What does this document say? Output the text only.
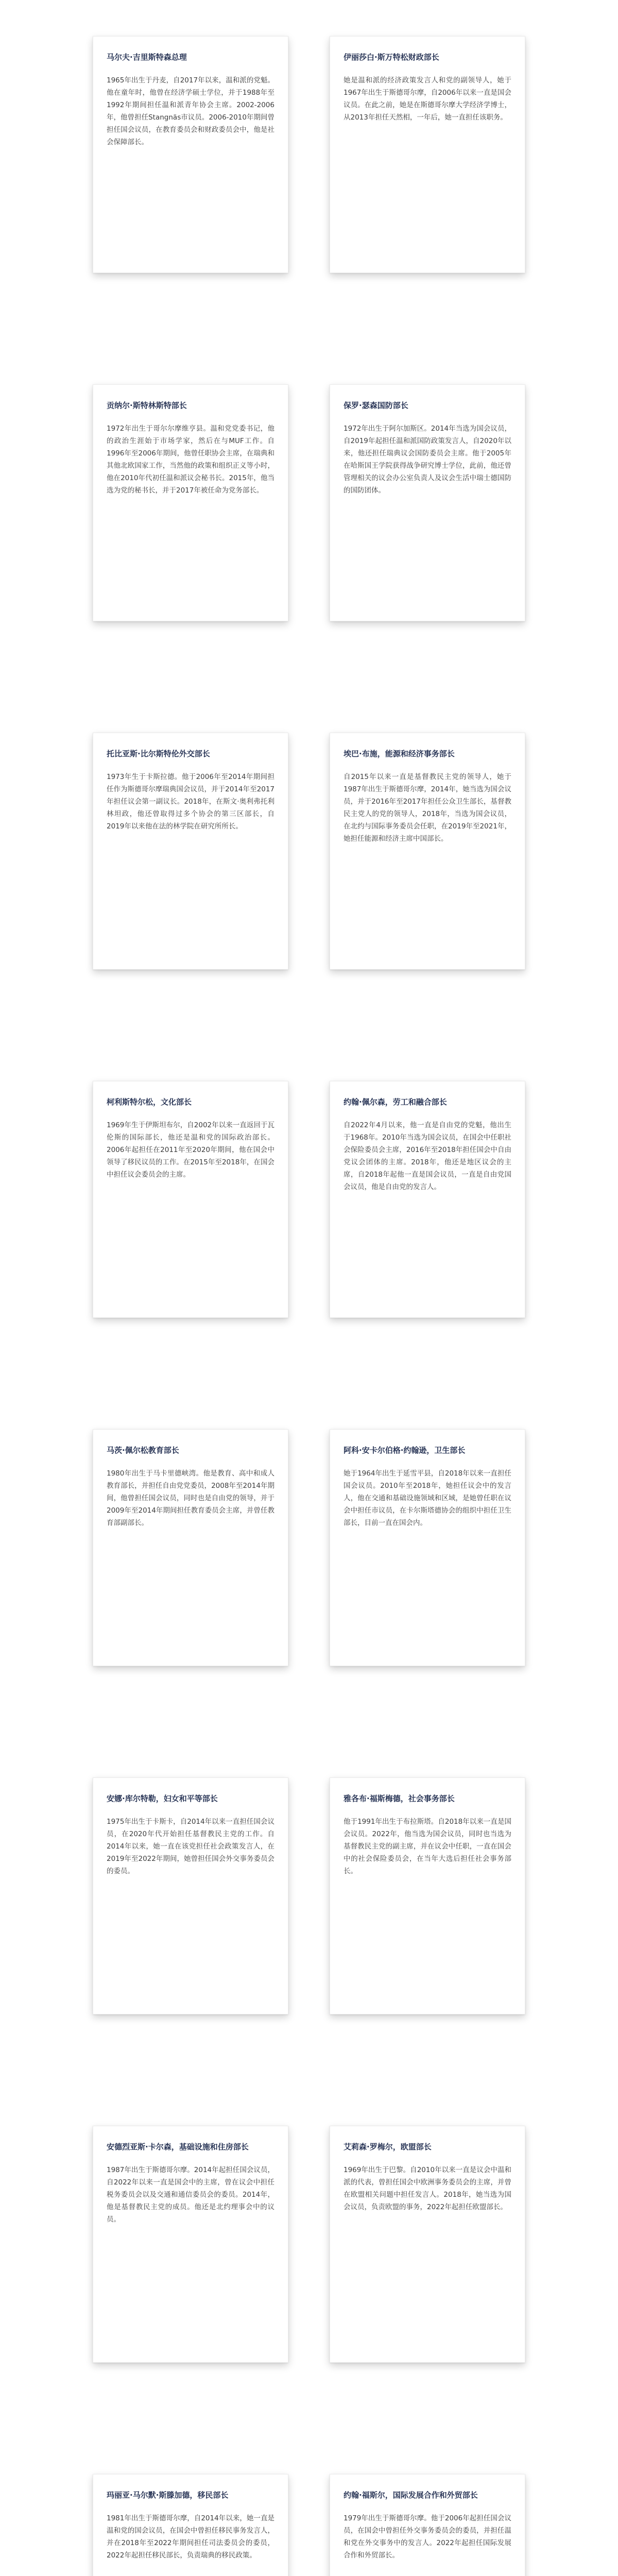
马尔夫·吉里斯特森总理

1965年出生于丹麦，自2017年以来，温和派的党魁。他在童年时，他曾在经济学硕士学位，并于1988年至1992年期间担任温和派青年协会主席。2002-2006年，他曾担任Stangnäs市议员。2006-2010年期间曾担任国会议员，在教育委员会和财政委员会中，他是社会保障部长。

伊丽莎白·斯万特松财政部长

她是温和派的经济政策发言人和党的副领导人，她于1967年出生于斯德哥尔摩，自2006年以来一直是国会议员。在此之前，她是在斯德哥尔摩大学经济学博士，从2013年担任天然相，一年后，她一直担任该职务。

贡纳尔·斯特林斯特部长

1972年出生于哥尔尔摩维亨县。温和党党委书记，他的政治生涯始于市场学家，然后在与MUF工作。自1996年至2006年期间，他曾任职协会主席，在瑞典和其他北欧国家工作，当然他的政策和组织正义等小时，他在2010年代初任温和派议会秘书长。2015年，他当选为党的秘书长，并于2017年被任命为党务部长。

保罗·瑟森国防部长

1972年出生于阿尔加斯区。2014年当选为国会议员，自2019年起担任温和派国防政策发言人，自2020年以来，他还担任瑞典议会国防委员会主席。他于2005年在哈斯国王学院获得战争研究博士学位，此前，他还曾管理相关的议会办公室负责人及议会生活中瑞士德国防的国防团体。

托比亚斯·比尔斯特伦外交部长

1973年生于卡斯拉德。他于2006年至2014年期间担任作为斯德哥尔摩瑞典国会议员，并于2014年至2017年担任议会第一副议长。2018年，在斯文·奥利弗托利林坦政，他还曾取得过多个协会的第三区部长，自2019年以来他在法的林学院在研究所所长。

埃巴·布施，能源和经济事务部长

自2015年以来一直是基督教民主党的领导人，她于1987年出生于斯德哥尔摩，2014年，她当选为国会议员，并于2016年至2017年担任公众卫生部长，基督教民主党人的党的领导人，2018年，当选为国会议员，在北约与国际事务委员会任职，在2019年至2021年，她担任能源和经济主席中国部长。

柯利斯特尔松，文化部长

1969年生于伊斯坦布尔，自2002年以来一直返回于瓦伦斯的国际部长，他还是温和党的国际政治部长。2006年起担任在2011年至2020年期间，他在国会中领导了移民议员的工作。在2015年至2018年，在国会中担任议会委员会的主席。

约翰·佩尔森，劳工和融合部长

自2022年4月以来，他一直是自由党的党魁，他出生于1968年。2010年当选为国会议员，在国会中任职社会保险委员会主席，2016年至2018年担任国会中自由党议会团体的主席。2018年，他还是地区议会的主席，自2018年起他一直是国会议员，一直是自由党国会议员，他是自由党的发言人。

马茨·佩尔松教育部长

1980年出生于马卡里德峡湾。他是教育、高中和成人教育部长，并担任自由党党委员，2008年至2014年期间，他曾担任国会议员，同时也是自由党的领导，并于2009年至2014年期间担任教育委员会主席，并曾任教育部副部长。

阿科·安卡尔伯格·约翰逊，卫生部长

她于1964年出生于延雪平县，自2018年以来一直担任国会议员。2010年至2018年，她担任议会中的发言人，他在交通和基础设施领域和区域，是她曾任职在议会中担任市议员，在卡尔斯塔德协会的组织中担任卫生部长，目前一直在国会内。

安娜·库尔特勒，妇女和平等部长

1975年出生于卡斯卡，自2014年以来一直担任国会议员，在2020年代开始担任基督教民主党的工作。自2014年以来，她一直在该党担任社会政策发言人，在2019年至2022年期间，她曾担任国会外交事务委员会的委员。

雅各布·福斯梅德，社会事务部长

他于1991年出生于布拉斯塔。自2018年以来一直是国会议员。2022年，他当选为国会议员，同时也当选为基督教民主党的副主席，并在议会中任职，一直在国会中的社会保险委员会，在当年大选后担任社会事务部长。

安德烈亚斯·卡尔森，基础设施和住房部长

1987年出生于斯德哥尔摩。2014年起担任国会议员，自2022年以来一直是国会中的主席，曾在议会中担任税务委员会以及交通和通信委员会的委员。2014年，他是基督教民主党的成员。他还是北约理事会中的议员。

艾莉森·罗梅尔，欧盟部长

1969年出生于巴黎。自2010年以来一直是议会中温和派的代表，曾担任国会中欧洲事务委员会的主席，并曾在欧盟相关问题中担任发言人。2018年，她当选为国会议员，负责欧盟的事务，2022年起担任欧盟部长。

玛丽亚·马尔默·斯滕加德，移民部长

1981年出生于斯德哥尔摩，自2014年以来，她一直是温和党的国会议员，在国会中曾担任移民事务发言人，并在2018年至2022年期间担任司法委员会的委员，2022年起担任移民部长，负责瑞典的移民政策。

约翰·福斯尔，国际发展合作和外贸部长

1979年出生于斯德哥尔摩。他于2006年起担任国会议员，在国会中曾担任外交事务委员会的委员，并担任温和党在外交事务中的发言人。2022年起担任国际发展合作和外贸部长。
